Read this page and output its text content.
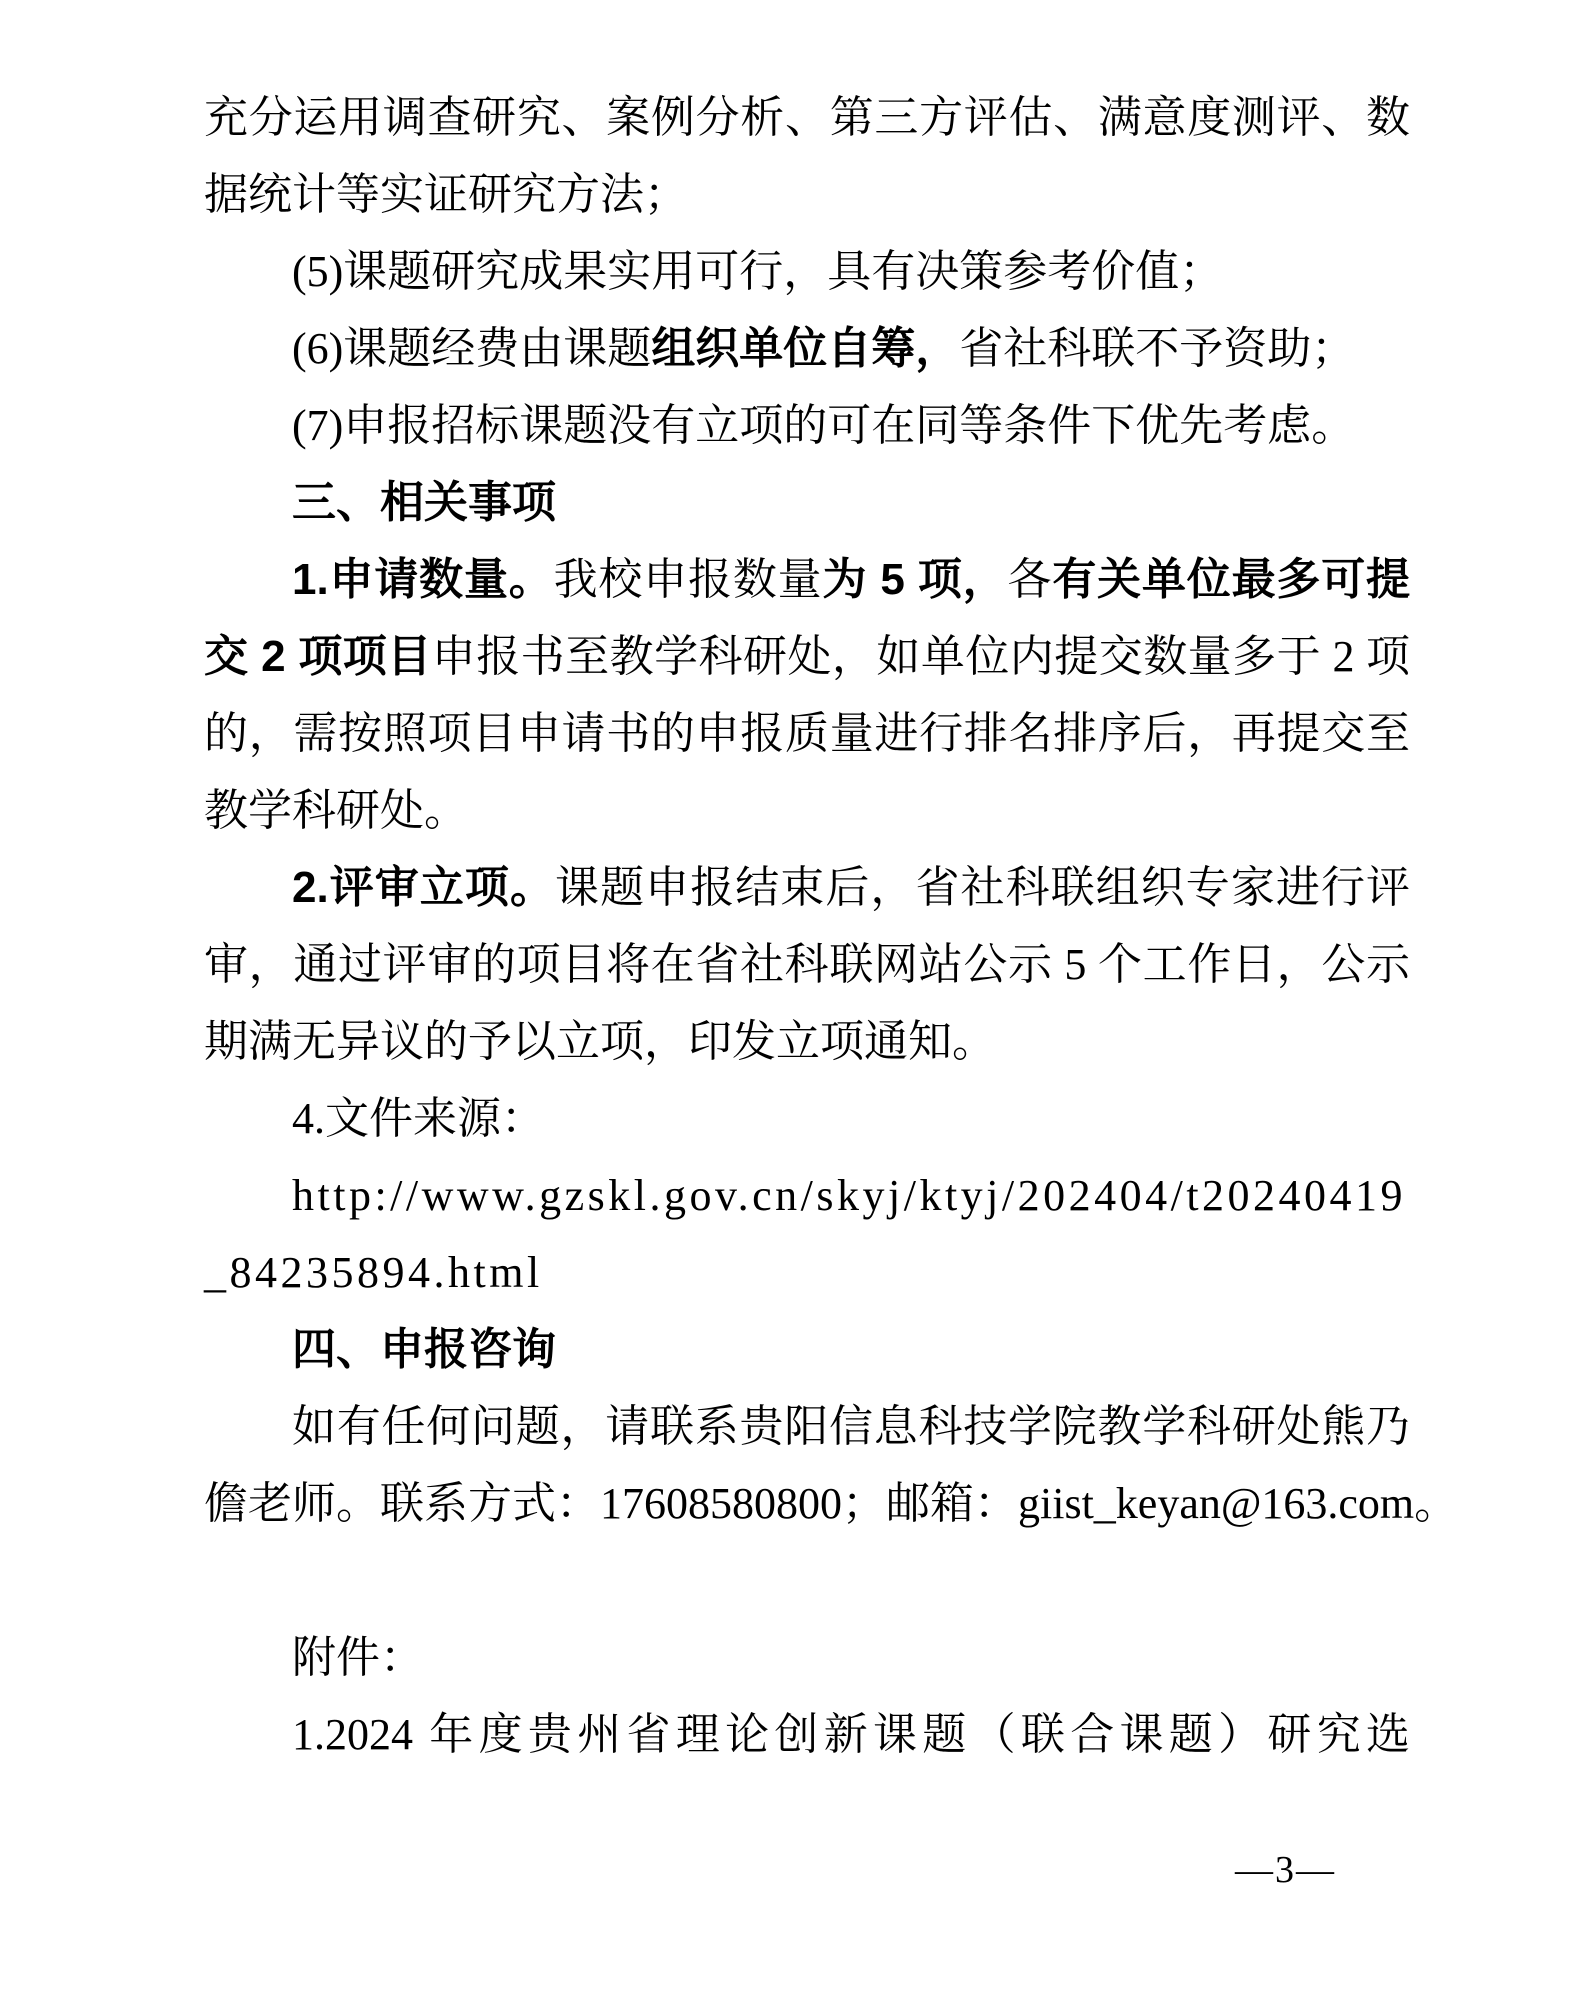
充分运用调查研究、案例分析、第三方评估、满意度测评、数
据统计等实证研究方法；
(5)课题研究成果实用可行，具有决策参考价值；
(6)课题经费由课题组织单位自筹，省社科联不予资助；
(7)申报招标课题没有立项的可在同等条件下优先考虑。
三、相关事项
1.申请数量。我校申报数量为 5 项，各有关单位最多可提
交 2 项项目申报书至教学科研处，如单位内提交数量多于 2 项
的，需按照项目申请书的申报质量进行排名排序后，再提交至
教学科研处。
2.评审立项。课题申报结束后，省社科联组织专家进行评
审，通过评审的项目将在省社科联网站公示 5 个工作日，公示
期满无异议的予以立项，印发立项通知。
4.文件来源：
http://www.gzskl.gov.cn/skyj/ktyj/202404/t20240419
_84235894.html
四、申报咨询
如有任何问题，请联系贵阳信息科技学院教学科研处熊乃
儋老师。联系方式：17608580800；邮箱：giist_keyan@163.com。
附件：
1.2024 年度贵州省理论创新课题（联合课题）研究选
—3—
